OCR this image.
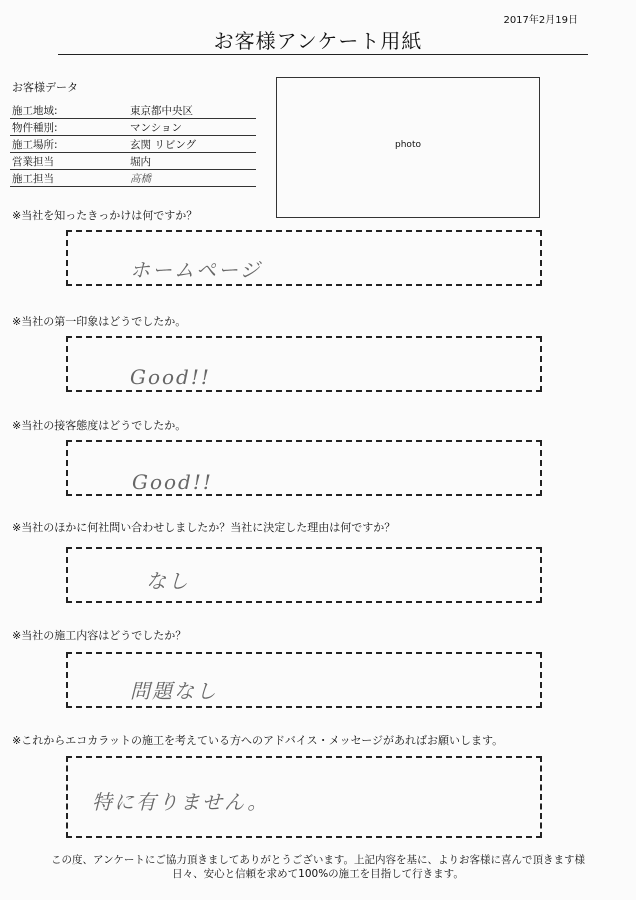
2017年2月19日
お客様アンケート用紙
お客様データ
施工地域:	東京都中央区
物件種別:	マンション
施工場所:	玄関 リビング
営業担当	堀内
施工担当	高橋
photo
※当社を知ったきっかけは何ですか？
ホームページ
※当社の第一印象はどうでしたか。
Good!!
※当社の接客態度はどうでしたか。
Good!!
※当社のほかに何社問い合わせしましたか？当社に決定した理由は何ですか？
なし
※当社の施工内容はどうでしたか？
問題なし
※これからエコカラットの施工を考えている方へのアドバイス・メッセージがあればお願いします。
特に有りません。
この度、アンケートにご協力頂きましてありがとうございます。上記内容を基に、よりお客様に喜んで頂きます様
日々、安心と信頼を求めて100%の施工を目指して行きます。
